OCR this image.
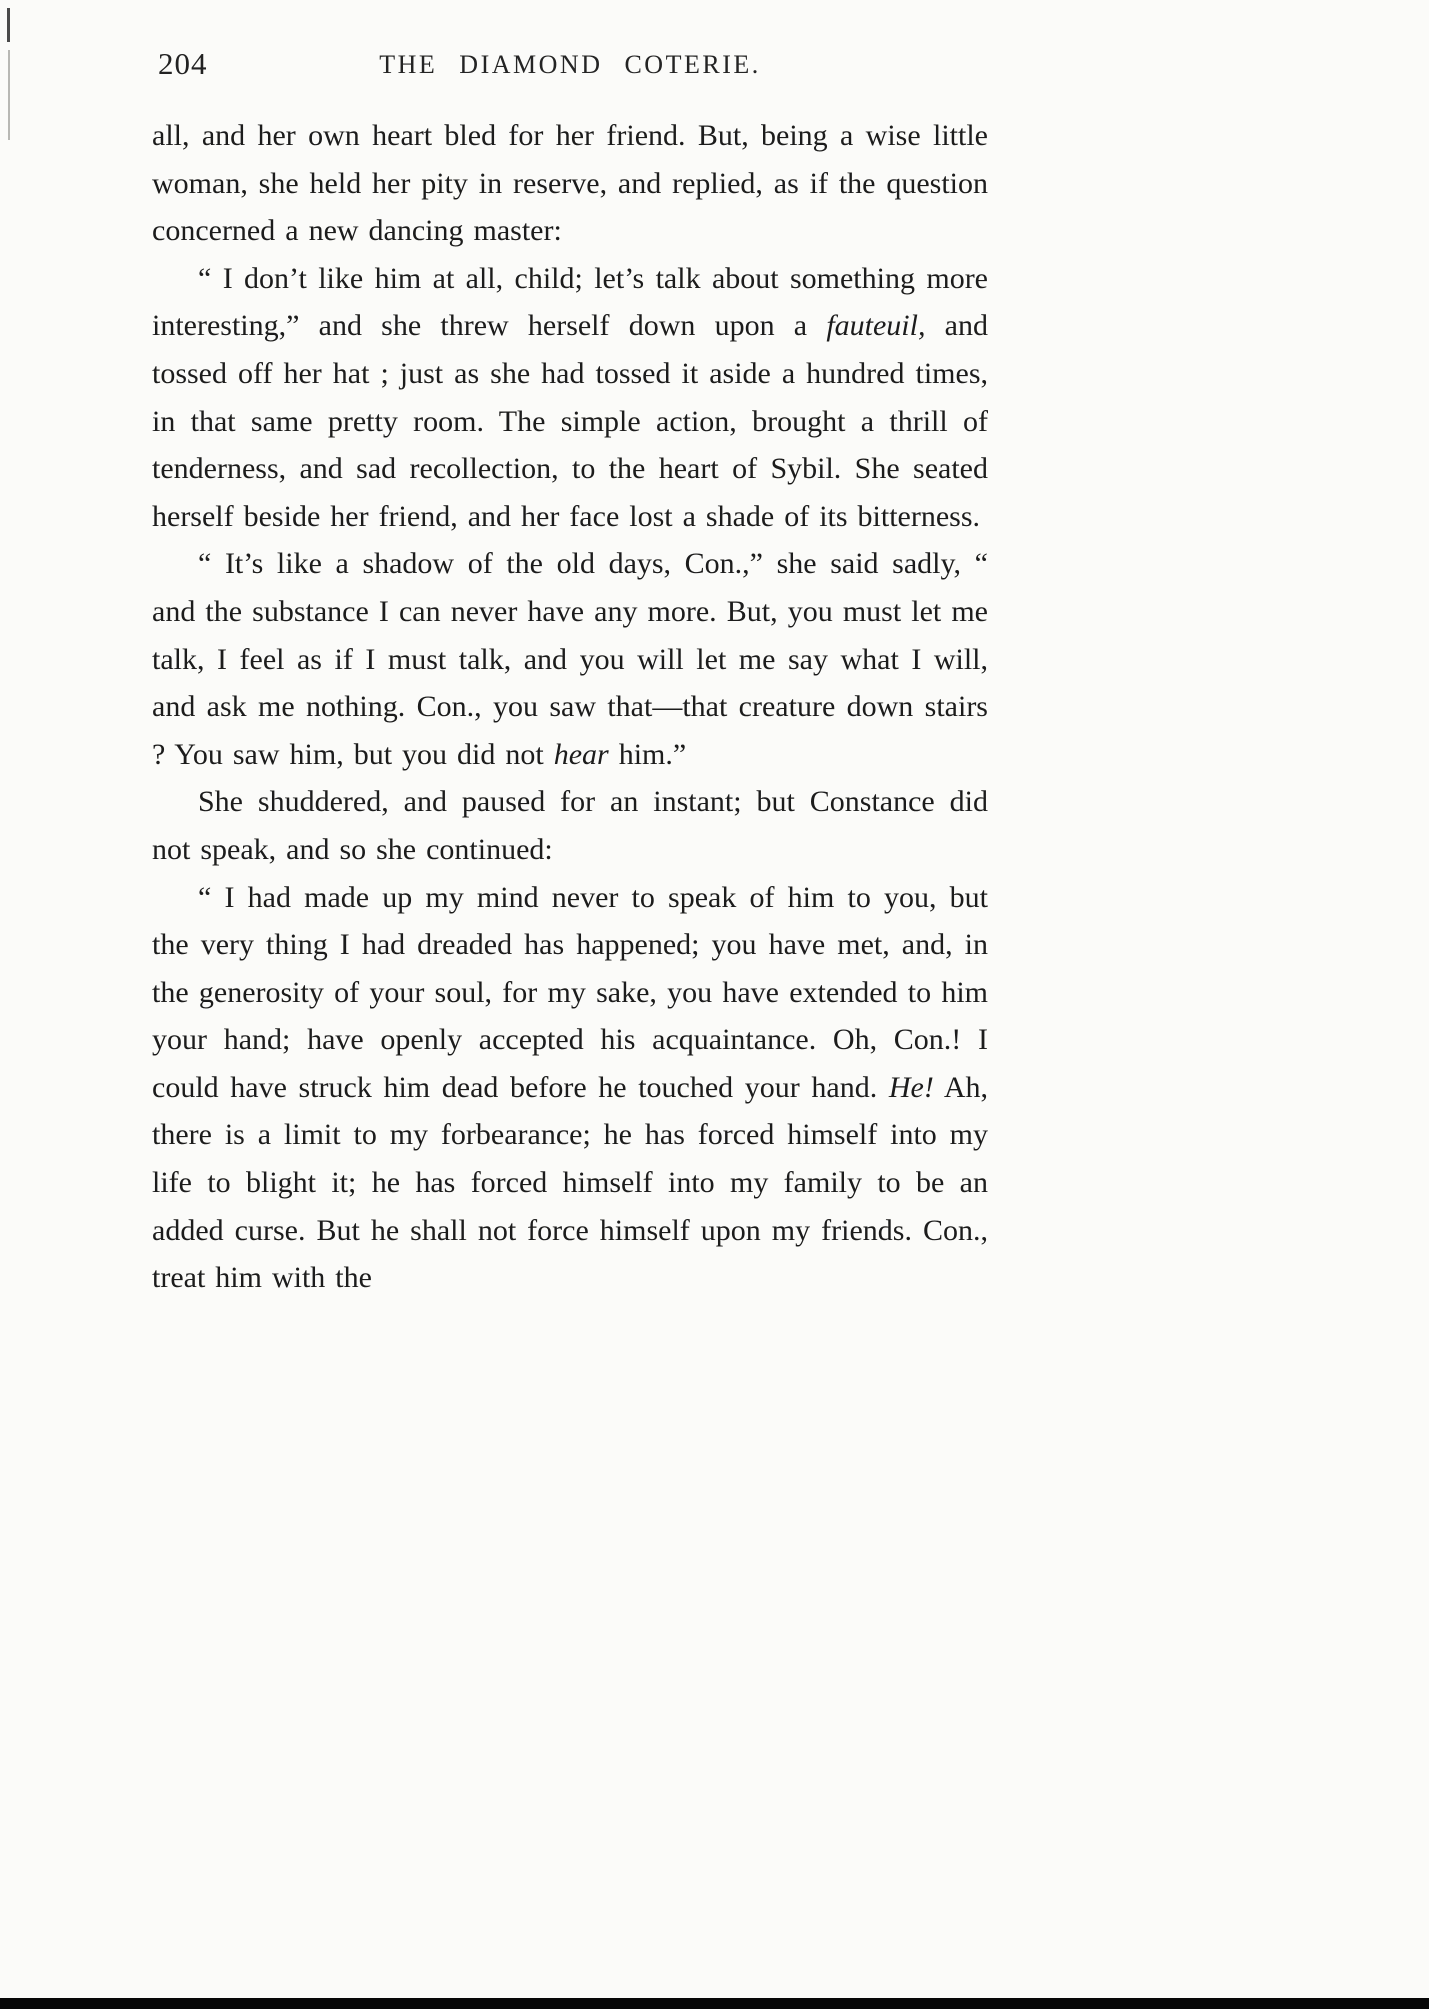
204	THE DIAMOND COTERIE.

all, and her own heart bled for her friend. But, being a wise little woman, she held her pity in reserve, and replied, as if the question concerned a new dancing master:

“ I don’t like him at all, child; let’s talk about something more interesting,” and she threw herself down upon a fauteuil, and tossed off her hat ; just as she had tossed it aside a hundred times, in that same pretty room. The simple action, brought a thrill of tenderness, and sad recollection, to the heart of Sybil. She seated herself beside her friend, and her face lost a shade of its bitterness.

“ It’s like a shadow of the old days, Con.,” she said sadly, “ and the substance I can never have any more. But, you must let me talk, I feel as if I must talk, and you will let me say what I will, and ask me nothing. Con., you saw that—that creature down stairs ? You saw him, but you did not hear him.”

She shuddered, and paused for an instant; but Constance did not speak, and so she continued:

“ I had made up my mind never to speak of him to you, but the very thing I had dreaded has happened; you have met, and, in the generosity of your soul, for my sake, you have extended to him your hand; have openly accepted his acquaintance. Oh, Con.! I could have struck him dead before he touched your hand. He! Ah, there is a limit to my forbearance; he has forced himself into my life to blight it; he has forced himself into my family to be an added curse. But he shall not force himself upon my friends. Con., treat him with the
